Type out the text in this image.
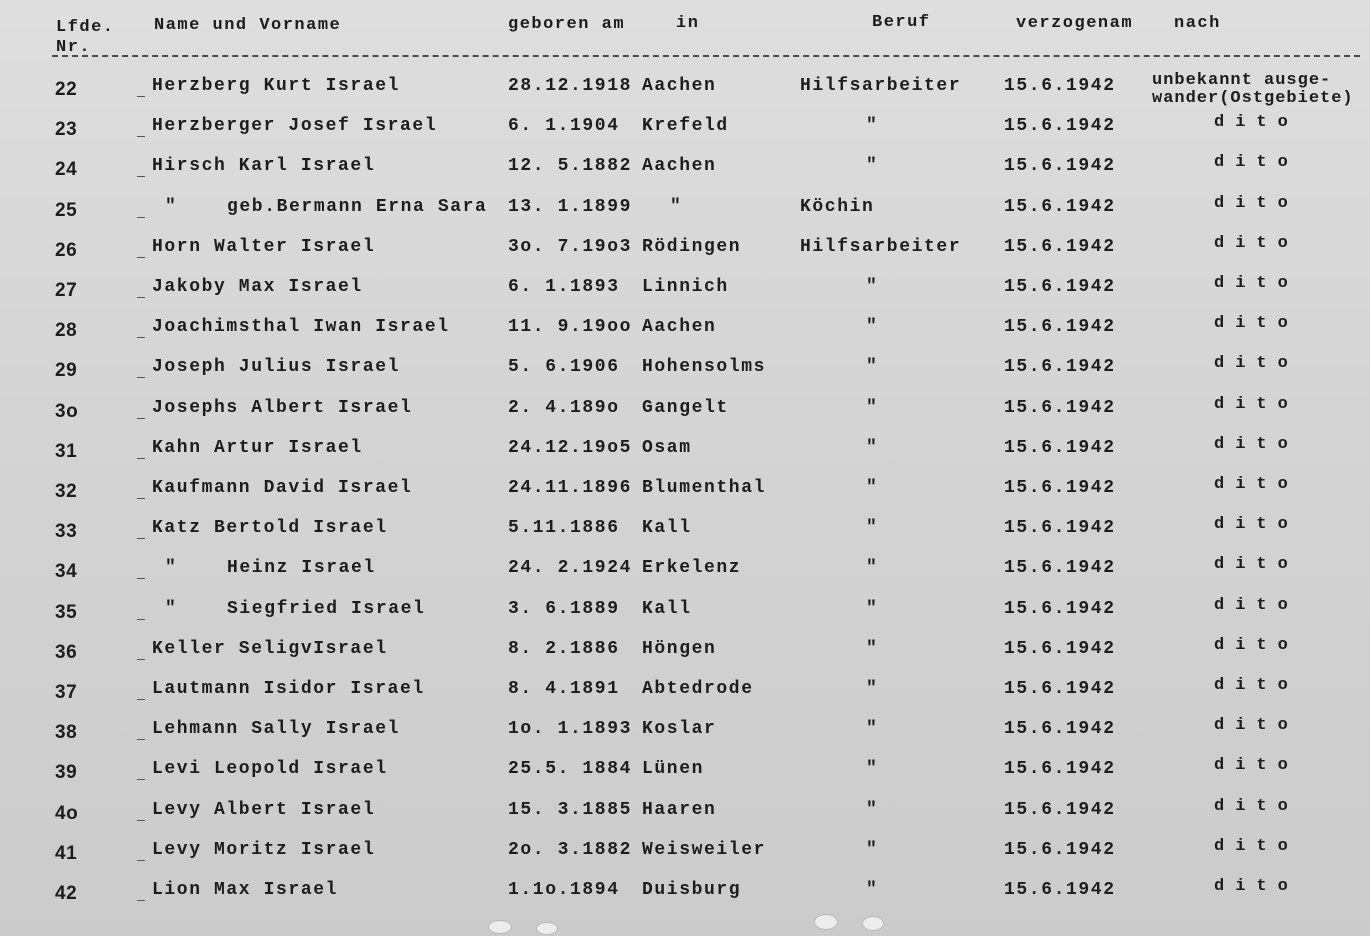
Lfde.
Nr.
Name und Vorname	geboren am	in	Beruf	verzogenam nach
22	Herzberg Kurt Israel	28.12.1918 Aachen	Hilfsarbeiter 15.6.1942 unbekannt ausge-
wander(Ostgebiete)
23	Herzberger Josef Israel	6. 1.1904 Krefeld	"	15.6.1942	dito
24	Hirsch Karl Israel	12. 5.1882 Aachen	"	15.6.1942	dito
25	"    geb.Bermann Erna Sara 13. 1.1899 "	Köchin	15.6.1942	dito
26	Horn Walter Israel	3o. 7.19o3 Rödingen	Hilfsarbeiter 15.6.1942	dito
27	Jakoby Max Israel	6. 1.1893 Linnich	"	15.6.1942	dito
28	Joachimsthal Iwan Israel	11. 9.19oo Aachen	"	15.6.1942	dito
29	Joseph Julius Israel	5. 6.1906 Hohensolms	"	15.6.1942	dito
3o	Josephs Albert Israel	2. 4.189o Gangelt	"	15.6.1942	dito
31	Kahn Artur Israel	24.12.19o5 Osam	"	15.6.1942	dito
32	Kaufmann David Israel	24.11.1896 Blumenthal	"	15.6.1942	dito
33	Katz Bertold Israel	5.11.1886 Kall	"	15.6.1942	dito
34	"    Heinz Israel	24. 2.1924 Erkelenz	"	15.6.1942	dito
35	"    Siegfried Israel	3. 6.1889 Kall	"	15.6.1942	dito
36	Keller SeligvIsrael	8. 2.1886 Höngen	"	15.6.1942	dito
37	Lautmann Isidor Israel	8. 4.1891 Abtedrode	"	15.6.1942	dito
38	Lehmann Sally Israel	1o. 1.1893 Koslar	"	15.6.1942	dito
39	Levi Leopold Israel	25.5. 1884 Lünen	"	15.6.1942	dito
4o	Levy Albert Israel	15. 3.1885 Haaren	"	15.6.1942	dito
41	Levy Moritz Israel	2o. 3.1882 Weisweiler	"	15.6.1942	dito
42	Lion Max Israel	1.1o.1894 Duisburg	"	15.6.1942	dito
